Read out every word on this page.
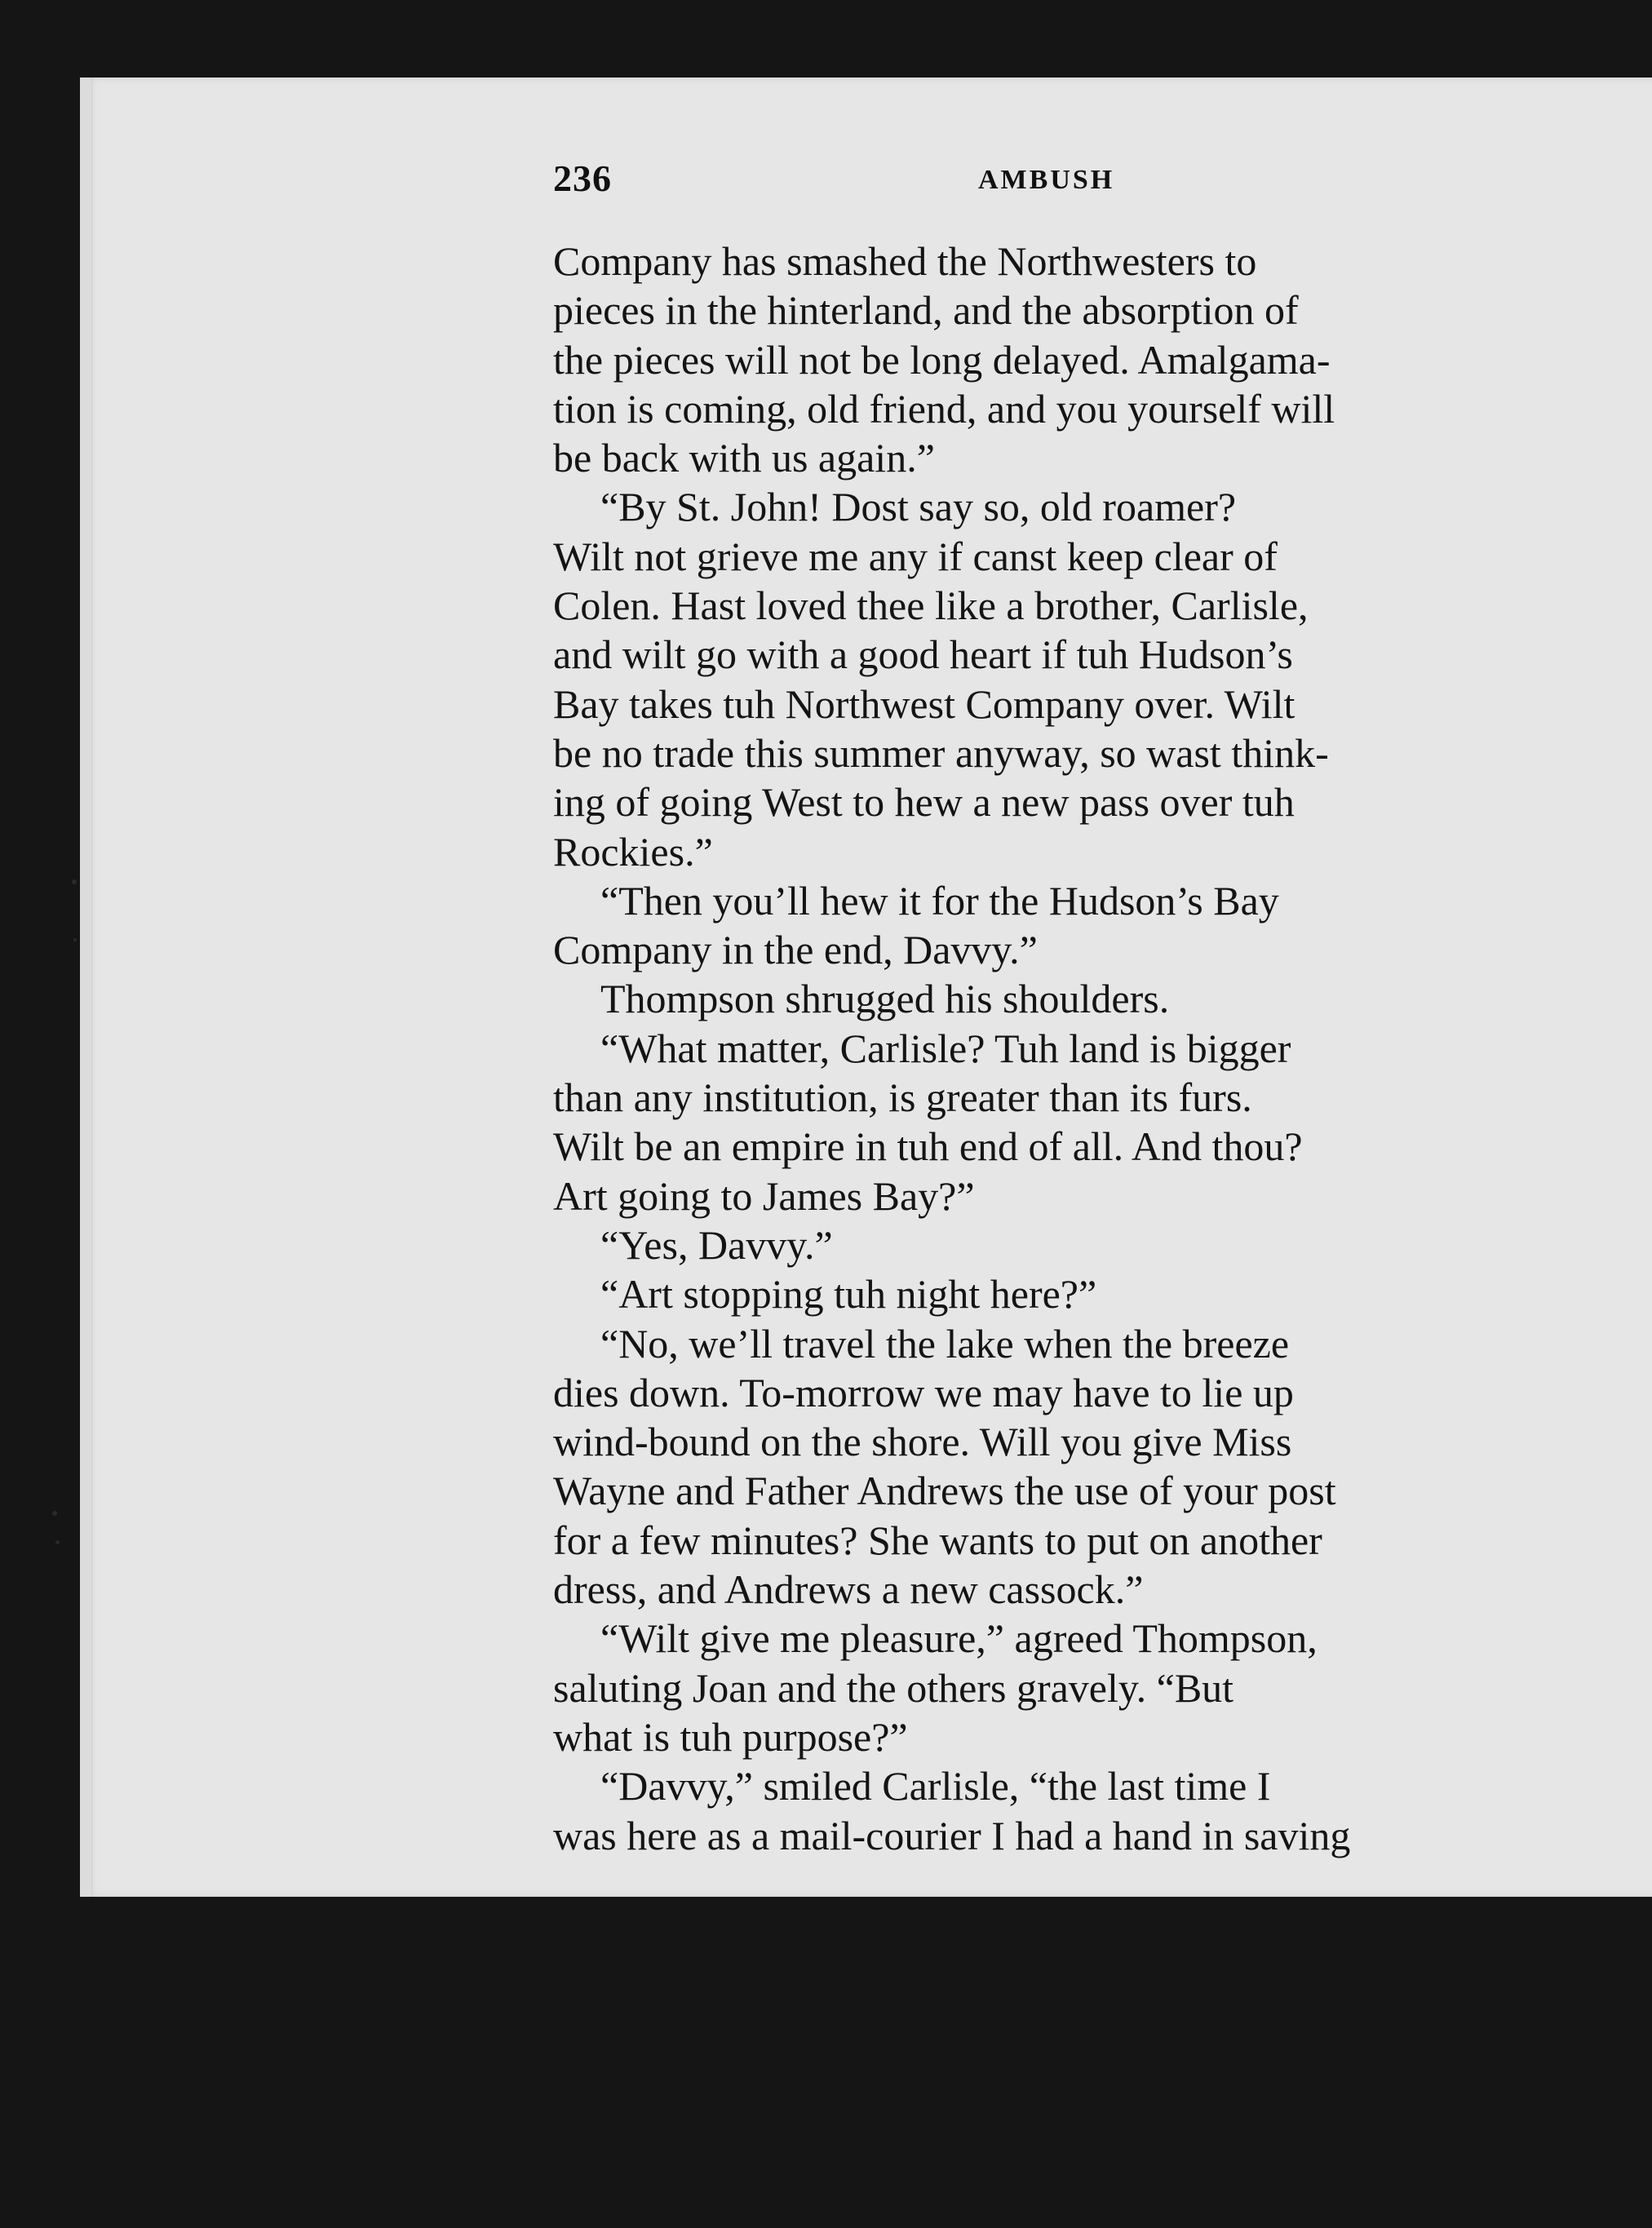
236	AMBUSH
Company has smashed the Northwesters to
pieces in the hinterland, and the absorption of
the pieces will not be long delayed. Amalgama-
tion is coming, old friend, and you yourself will
be back with us again.”
“By St. John! Dost say so, old roamer?
Wilt not grieve me any if canst keep clear of
Colen. Hast loved thee like a brother, Carlisle,
and wilt go with a good heart if tuh Hudson’s
Bay takes tuh Northwest Company over. Wilt
be no trade this summer anyway, so wast think-
ing of going West to hew a new pass over tuh
Rockies.”
“Then you’ll hew it for the Hudson’s Bay
Company in the end, Davvy.”
Thompson shrugged his shoulders.
“What matter, Carlisle? Tuh land is bigger
than any institution, is greater than its furs.
Wilt be an empire in tuh end of all. And thou?
Art going to James Bay?”
“Yes, Davvy.”
“Art stopping tuh night here?”
“No, we’ll travel the lake when the breeze
dies down. To-morrow we may have to lie up
wind-bound on the shore. Will you give Miss
Wayne and Father Andrews the use of your post
for a few minutes? She wants to put on another
dress, and Andrews a new cassock.”
“Wilt give me pleasure,” agreed Thompson,
saluting Joan and the others gravely. “But
what is tuh purpose?”
“Davvy,” smiled Carlisle, “the last time I
was here as a mail-courier I had a hand in saving
